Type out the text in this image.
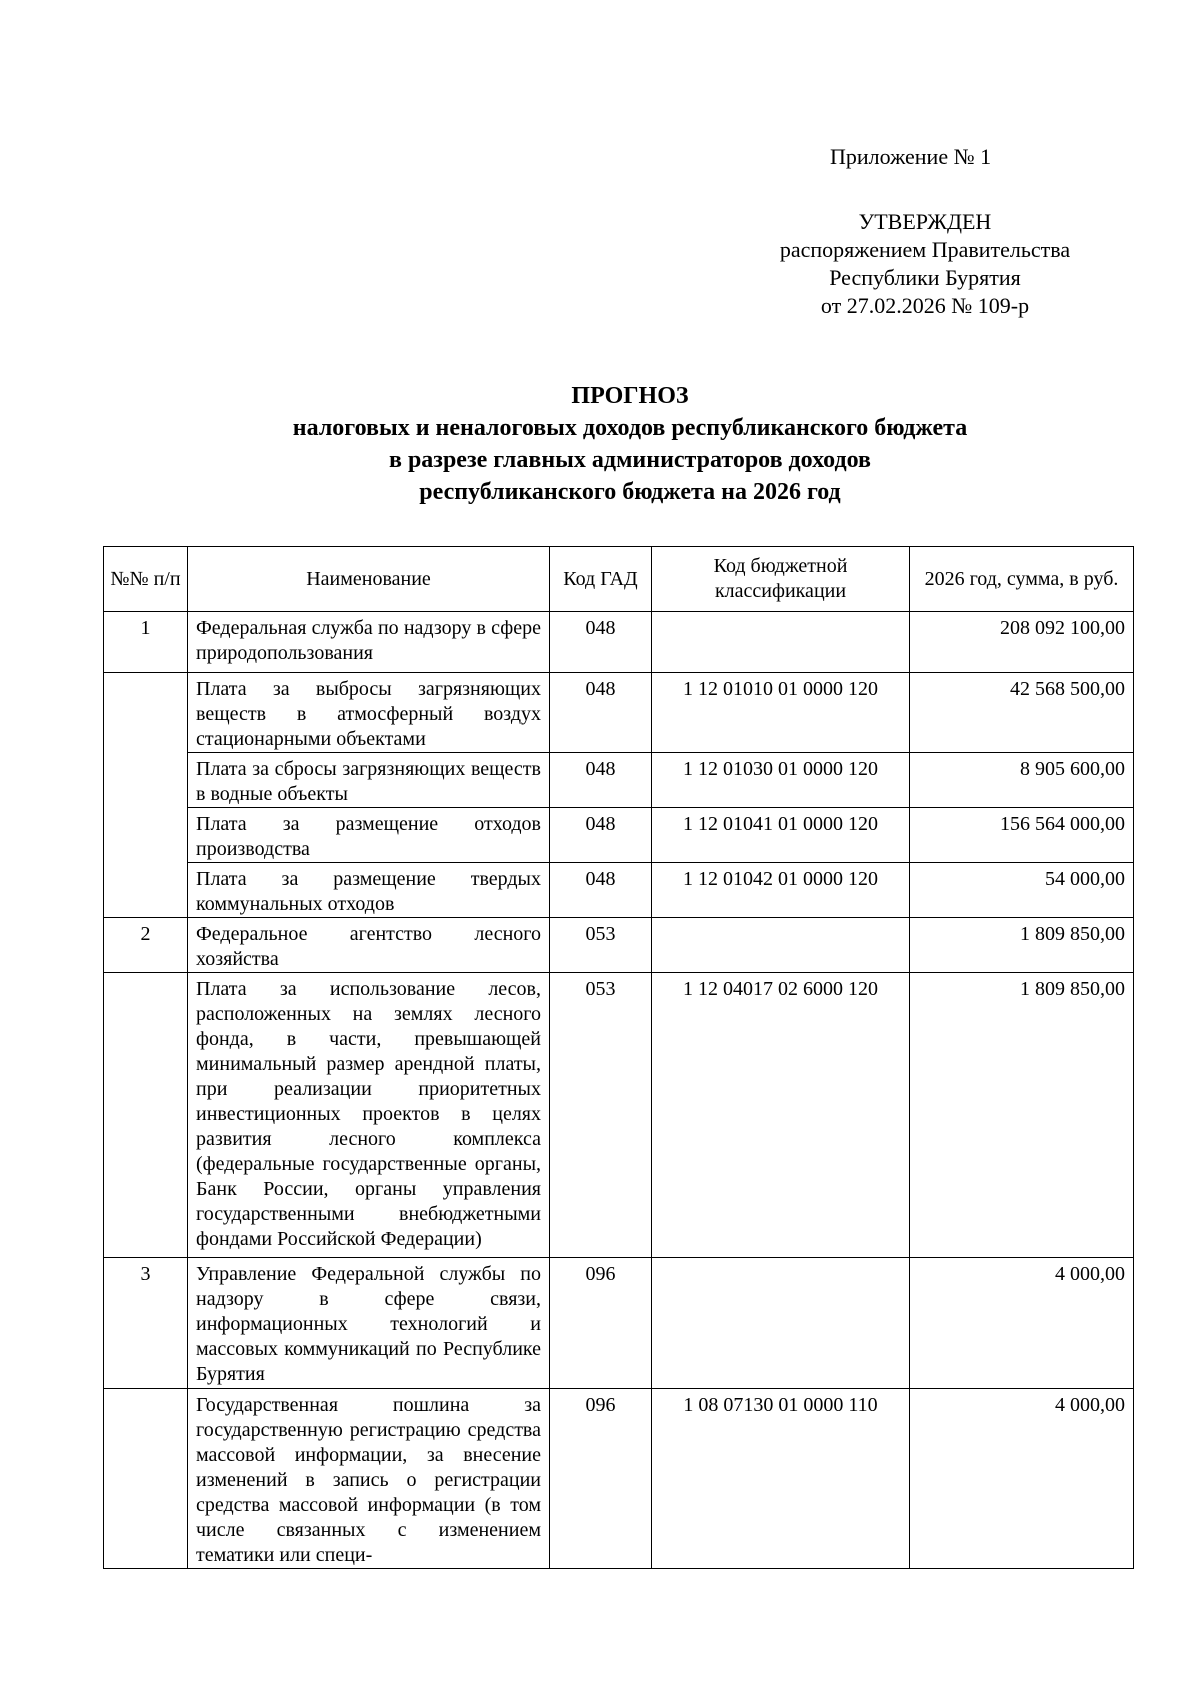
Приложение № 1
УТВЕРЖДЕН
распоряжением Правительства
Республики Бурятия
от 27.02.2026 № 109-р
ПРОГНОЗ
налоговых и неналоговых доходов республиканского бюджета
в разрезе главных администраторов доходов
республиканского бюджета на 2026 год
№№ п/п	Наименование	Код ГАД	Код бюджетной классификации	2026 год, сумма, в руб.
1	Федеральная служба по надзору в сфере природопользования	048		208 092 100,00
	Плата за выбросы загрязняющих веществ в атмосферный воздух стационарными объектами	048	1 12 01010 01 0000 120	42 568 500,00
	Плата за сбросы загрязняющих веществ в водные объекты	048	1 12 01030 01 0000 120	8 905 600,00
	Плата за размещение отходов производства	048	1 12 01041 01 0000 120	156 564 000,00
	Плата за размещение твердых коммунальных отходов	048	1 12 01042 01 0000 120	54 000,00
2	Федеральное агентство лесного хозяйства	053		1 809 850,00
	Плата за использование лесов, расположенных на землях лесного фонда, в части, превышающей минимальный размер арендной платы, при реализации приоритетных инвестиционных проектов в целях развития лесного комплекса (федеральные государственные органы, Банк России, органы управления государственными внебюджетными фондами Российской Федерации)	053	1 12 04017 02 6000 120	1 809 850,00
3	Управление Федеральной службы по надзору в сфере связи, информационных технологий и массовых коммуникаций по Республике Бурятия	096		4 000,00
	Государственная пошлина за государственную регистрацию средства массовой информации, за внесение изменений в запись о регистрации средства массовой информации (в том числе связанных с изменением тематики или специ-	096	1 08 07130 01 0000 110	4 000,00
